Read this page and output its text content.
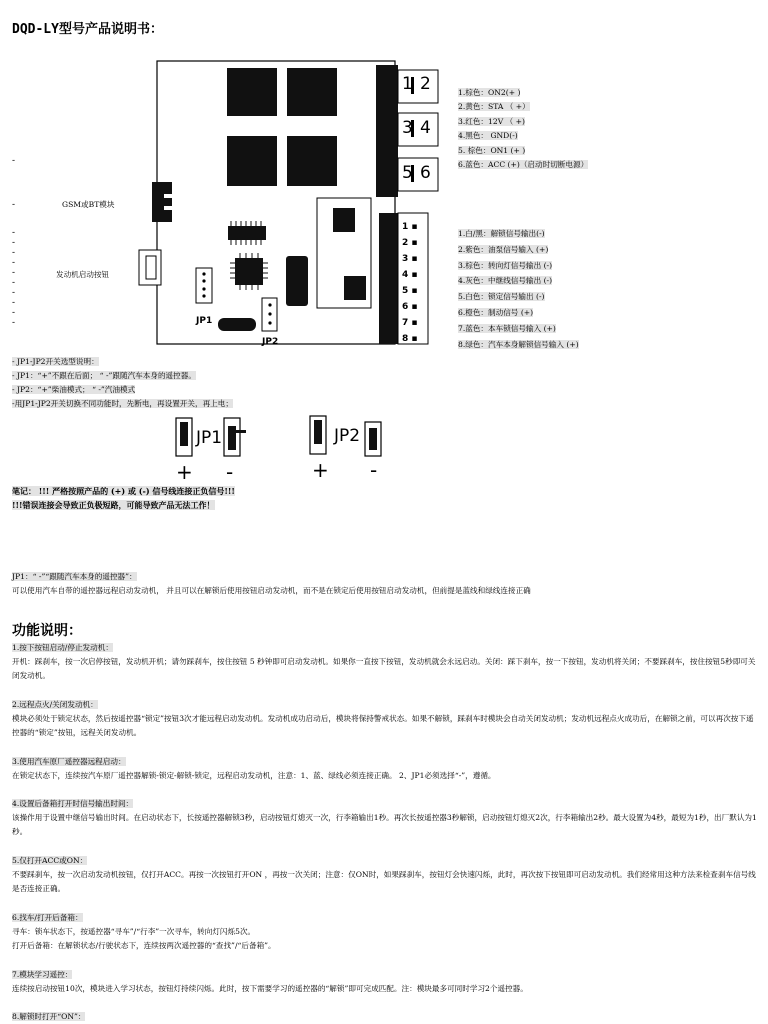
DQD-LY型号产品说明书：
1 2
3 4
5 6
1 ▪
2 ▪
3 ▪
4 ▪
5 ▪
6 ▪
7 ▪
8 ▪
JP1
JP2
GSM或BT模块
发动机启动按钮
-
-
-
-
-
-
-
-
-
-
-
-
1.棕色：ON2(+ )
2.黄色：STA （ +）
3.红色：12V （ +)
4.黑色： GND(-)
5. 棕色：ON1 (+ )
6.蓝色：ACC (+)（启动时切断电源）
1.白/黑：解锁信号输出(-)
2.紫色：油泵信号输入 (+)
3.棕色：转向灯信号输出 (-)
4.灰色：中继线信号输出 (-)
5.白色：锁定信号输出 (-)
6.橙色：制动信号 (+)
7.蓝色：本车锁信号输入 (+)
8.绿色：汽车本身解锁信号输入 (+)
- JP1-JP2开关选型说明：
- JP1：“+”不跟在后面； “ -”跟随汽车本身的遥控器。
- JP2：“+”柴油模式； “ -”汽油模式
-用JP1-JP2开关切换不同功能时，先断电，再设置开关，再上电；
JP1	JP2
+ -	+ -
笔记： !!! 严格按照产品的 (+) 或 (-) 信号线连接正负信号!!!
!!!错误连接会导致正负极短路，可能导致产品无法工作！
JP1：“ -”“跟随汽车本身的遥控器”：
可以使用汽车自带的遥控器远程启动发动机， 并且可以在解锁后使用按钮启动发动机，而不是在锁定后使用按钮启动发动机，但前提是蓝线和绿线连接正确
功能说明：
1.按下按钮启动/停止发动机：
开机：踩刹车，按一次启停按钮，发动机开机；请勿踩刹车，按住按钮 5 秒钟即可启动发动机。如果你一直按下按钮，发动机就会永远启动。关闭：踩下刹车，按一下按钮，发动机将关闭；不要踩刹车，按住按钮5秒即可关闭发动机。
2.远程点火/关闭发动机：
模块必须处于锁定状态，然后按遥控器“锁定”按钮3次才能远程启动发动机。发动机成功启动后，模块将保持警戒状态。如果不解锁，踩刹车时模块会自动关闭发动机；发动机远程点火成功后，在解锁之前，可以再次按下遥控器的“锁定”按钮，远程关闭发动机。
3.使用汽车原厂遥控器远程启动：
在锁定状态下，连续按汽车原厂遥控器解锁-锁定-解锁-锁定，远程启动发动机，注意：1、蓝、绿线必须连接正确。 2、JP1必须选择“-”，遵循。
4.设置后备箱打开时信号输出时间：
该操作用于设置中继信号输出时间。在启动状态下，长按遥控器解锁3秒，启动按钮灯熄灭一次，行李箱输出1秒。再次长按遥控器3秒解锁，启动按钮灯熄灭2次，行李箱输出2秒。最大设置为4秒，最短为1秒，出厂默认为1秒。
5.仅打开ACC或ON：
不要踩刹车，按一次启动发动机按钮，仅打开ACC。再按一次按钮打开ON ，再按一次关闭；注意：仅ON时，如果踩刹车，按钮灯会快速闪烁，此时，再次按下按钮即可启动发动机。我们经常用这种方法来检查刹车信号线是否连接正确。
6.找车/打开后备箱：
寻车：锁车状态下，按遥控器“寻车”/“行李”一次寻车，转向灯闪烁5次。
打开后备箱：在解锁状态/行驶状态下，连续按两次遥控器的“查找”/“后备箱”。
7.模块学习遥控：
连续按启动按钮10次，模块进入学习状态，按钮灯持续闪烁。此时，按下需要学习的遥控器的“解锁”即可完成匹配。注：模块最多可同时学习2个遥控器。
8.解锁时打开“ON”：
